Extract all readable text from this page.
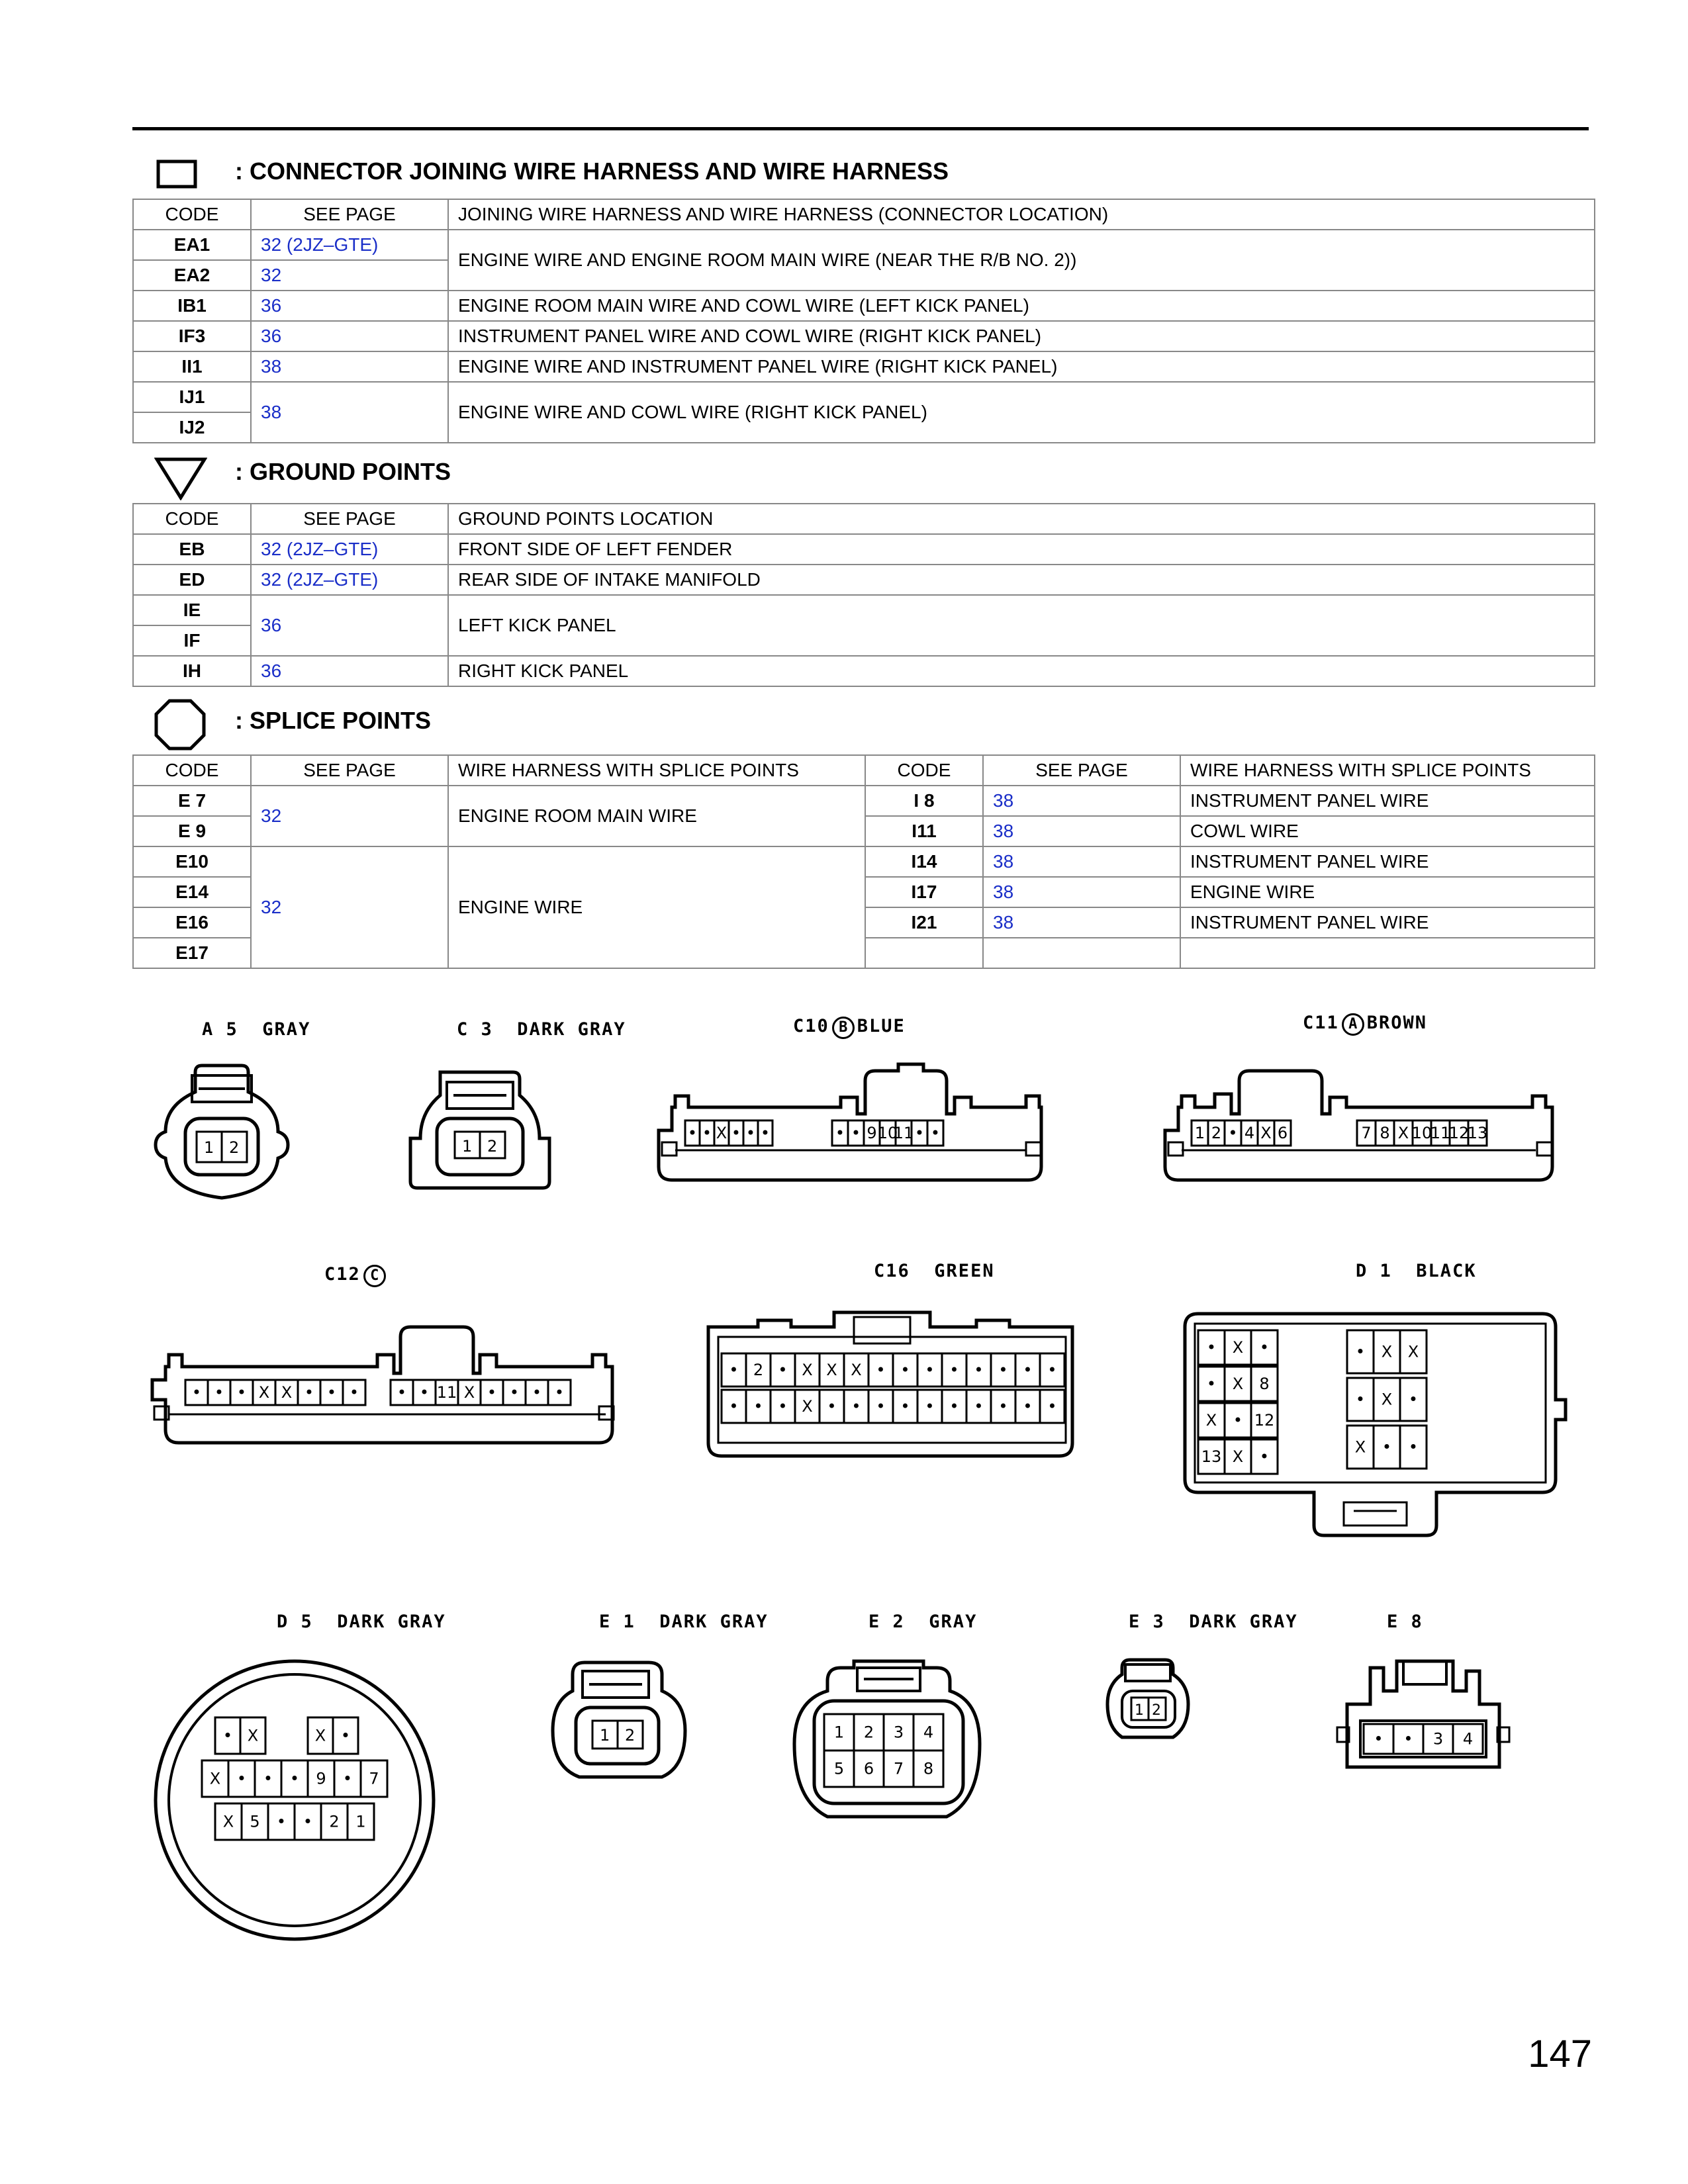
: CONNECTOR JOINING WIRE HARNESS AND WIRE HARNESS
CODE	SEE PAGE	JOINING WIRE HARNESS AND WIRE HARNESS (CONNECTOR LOCATION)
EA1	32 (2JZ–GTE)	ENGINE WIRE AND ENGINE ROOM MAIN WIRE (NEAR THE R/B NO. 2))
EA2	32	
IB1	36	ENGINE ROOM MAIN WIRE AND COWL WIRE (LEFT KICK PANEL)
IF3	36	INSTRUMENT PANEL WIRE AND COWL WIRE (RIGHT KICK PANEL)
II1	38	ENGINE WIRE AND INSTRUMENT PANEL WIRE (RIGHT KICK PANEL)
IJ1	38	ENGINE WIRE AND COWL WIRE (RIGHT KICK PANEL)
IJ2		
: GROUND POINTS
CODE	SEE PAGE	GROUND POINTS LOCATION
EB	32 (2JZ–GTE)	FRONT SIDE OF LEFT FENDER
ED	32 (2JZ–GTE)	REAR SIDE OF INTAKE MANIFOLD
IE	36	LEFT KICK PANEL
IF		
IH	36	RIGHT KICK PANEL
: SPLICE POINTS
CODE	SEE PAGE	WIRE HARNESS WITH SPLICE POINTS	CODE	SEE PAGE	WIRE HARNESS WITH SPLICE POINTS
E 7	32	ENGINE ROOM MAIN WIRE	I 8	38	INSTRUMENT PANEL WIRE
E 9			I11	38	COWL WIRE
E10	32	ENGINE WIRE	I14	38	INSTRUMENT PANEL WIRE
E14			I17	38	ENGINE WIRE
E16			I21	38	INSTRUMENT PANEL WIRE
E17					
A 5 GRAY
1 2
C 3 DARK GRAY
1 2
C10 B BLUE
• • X • • •	• • 9 10
11 • •
C11 A BROWN
1 2 • 4 X 6	7 8 X 10
11
12
13
C12 C
• • • X X • • • • • 11 X • • • •
C16 GREEN
• 2 • X X X • • • • • • • •
• • • X • • • • • • • • • •
D 1 BLACK
• X •
• X 8
X • 12
13 X •
• X X
• X •
X • •
D 5 DARK GRAY
• X	X •
X • • • 9 • 7
X 5 • • 2 1
E 1 DARK GRAY
1 2
E 2 GRAY
1 2 3 4
5 6 7 8
E 3 DARK GRAY
1 2
E 8
• • 3 4
147
